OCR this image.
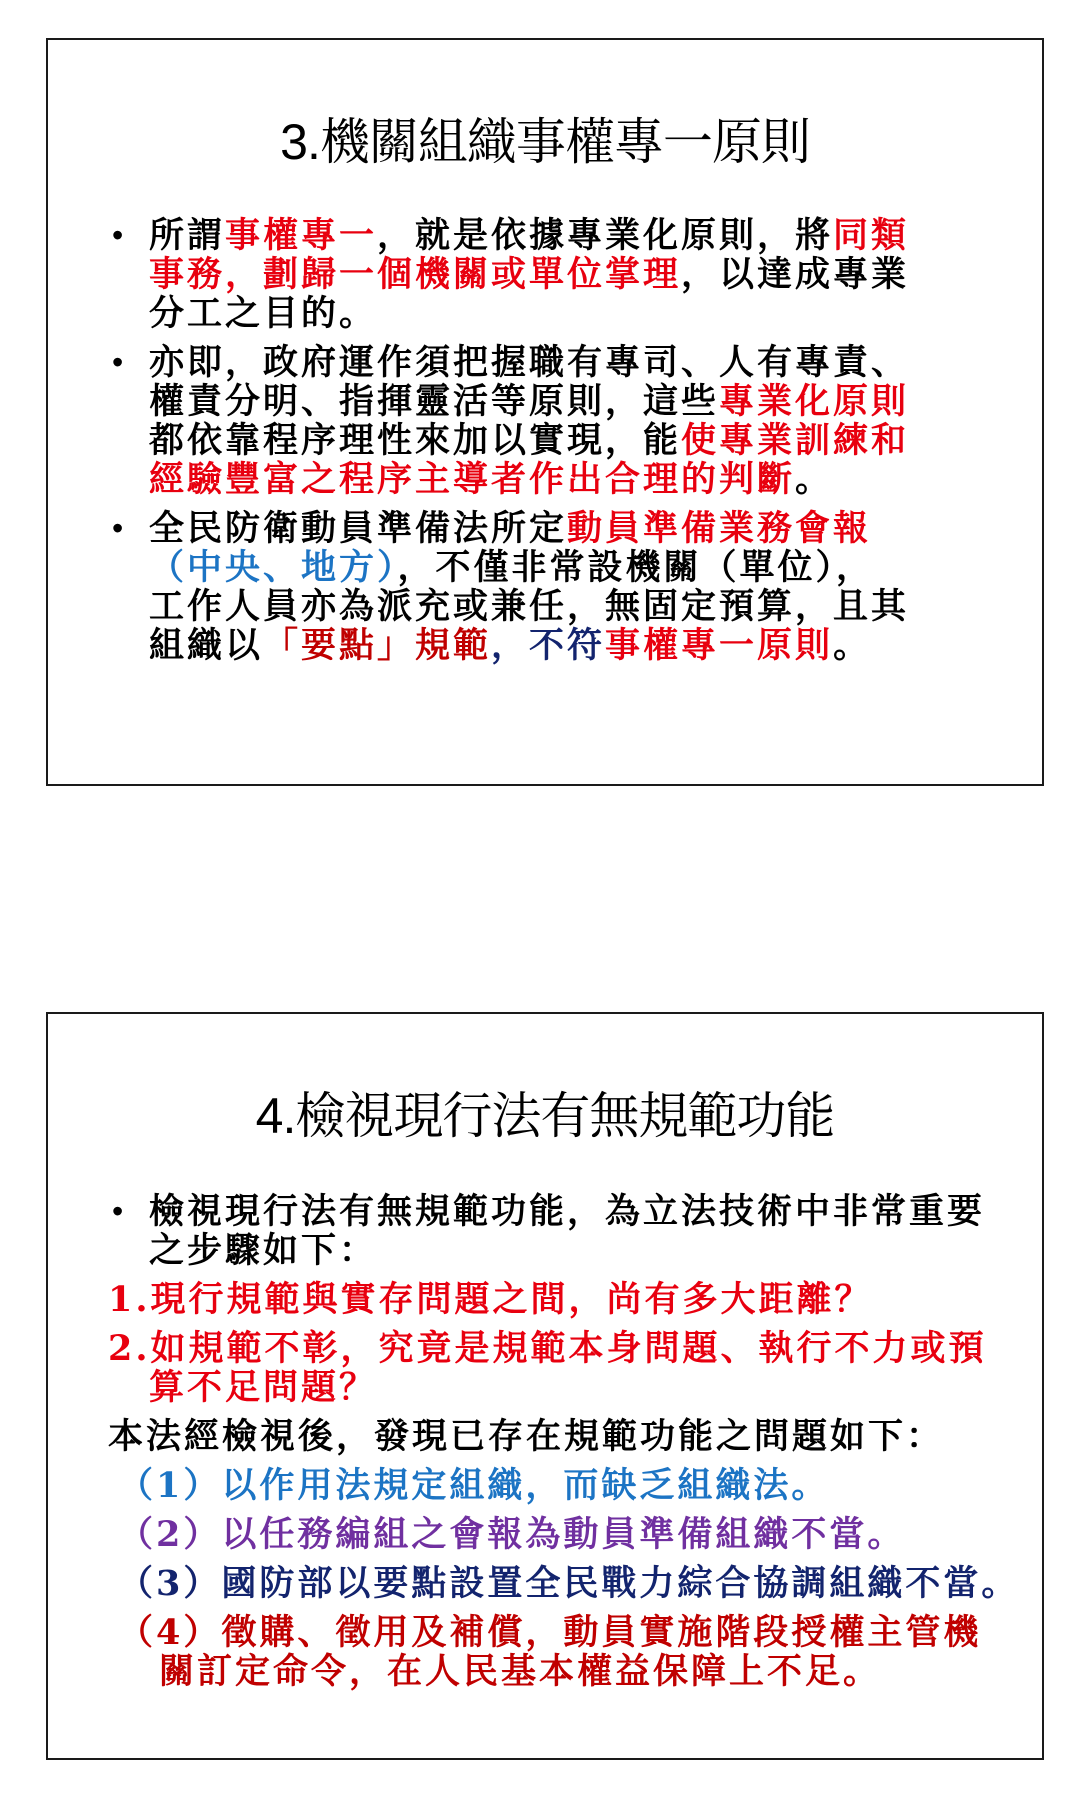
3.機關組織事權專一原則
• 所謂事權專一，就是依據專業化原則，將同類
事務，劃歸一個機關或單位掌理，以達成專業
分工之目的。
• 亦即，政府運作須把握職有專司、人有專責、
權責分明、指揮靈活等原則，這些專業化原則
都依靠程序理性來加以實現，能使專業訓練和
經驗豐富之程序主導者作出合理的判斷。
• 全民防衛動員準備法所定動員準備業務會報
（中央、地方），不僅非常設機關（單位），
工作人員亦為派充或兼任，無固定預算，且其
組織以「要點」規範，不符事權專一原則。
4.檢視現行法有無規範功能
• 檢視現行法有無規範功能，為立法技術中非常重要
之步驟如下：
1.現行規範與實存問題之間，尚有多大距離？
2.如規範不彰，究竟是規範本身問題、執行不力或預
算不足問題？
本法經檢視後，發現已存在規範功能之問題如下：
（1）以作用法規定組織，而缺乏組織法。
（2）以任務編組之會報為動員準備組織不當。
（3）國防部以要點設置全民戰力綜合協調組織不當。
（4）徵購、徵用及補償，動員實施階段授權主管機
關訂定命令，在人民基本權益保障上不足。
